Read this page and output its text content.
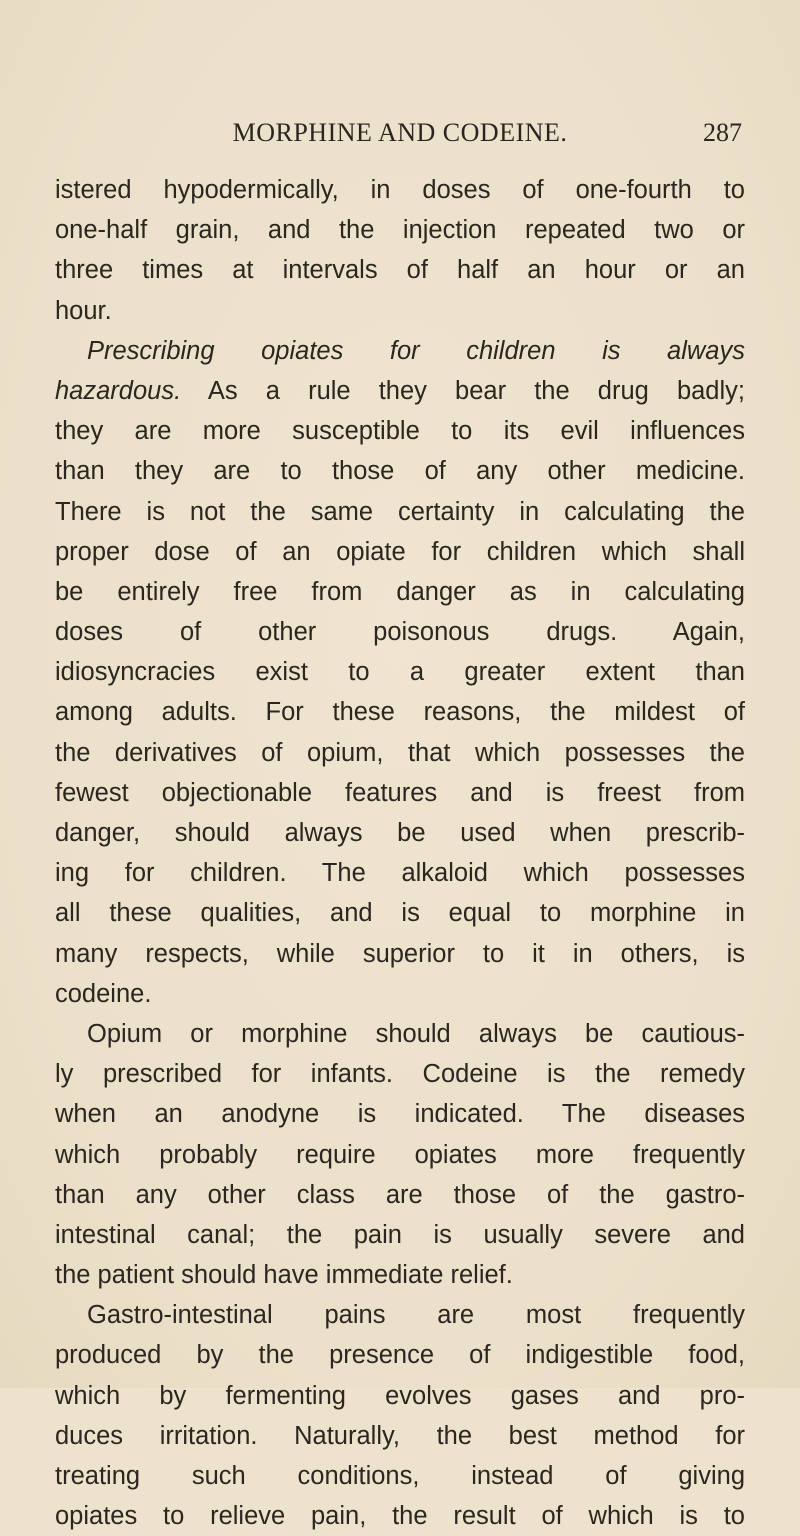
MORPHINE AND CODEINE.	287
istered hypodermically, in doses of one-fourth to
one-half grain, and the injection repeated two or
three times at intervals of half an hour or an
hour.
Prescribing opiates for children is always
hazardous. As a rule they bear the drug badly;
they are more susceptible to its evil influences
than they are to those of any other medicine.
There is not the same certainty in calculating the
proper dose of an opiate for children which shall
be entirely free from danger as in calculating
doses of other poisonous drugs. Again,
idiosyncracies exist to a greater extent than
among adults. For these reasons, the mildest of
the derivatives of opium, that which possesses the
fewest objectionable features and is freest from
danger, should always be used when prescrib-
ing for children. The alkaloid which possesses
all these qualities, and is equal to morphine in
many respects, while superior to it in others, is
codeine.
Opium or morphine should always be cautious-
ly prescribed for infants. Codeine is the remedy
when an anodyne is indicated. The diseases
which probably require opiates more frequently
than any other class are those of the gastro-
intestinal canal; the pain is usually severe and
the patient should have immediate relief.
Gastro-intestinal pains are most frequently
produced by the presence of indigestible food,
which by fermenting evolves gases and pro-
duces irritation. Naturally, the best method for
treating such conditions, instead of giving
opiates to relieve pain, the result of which is to
